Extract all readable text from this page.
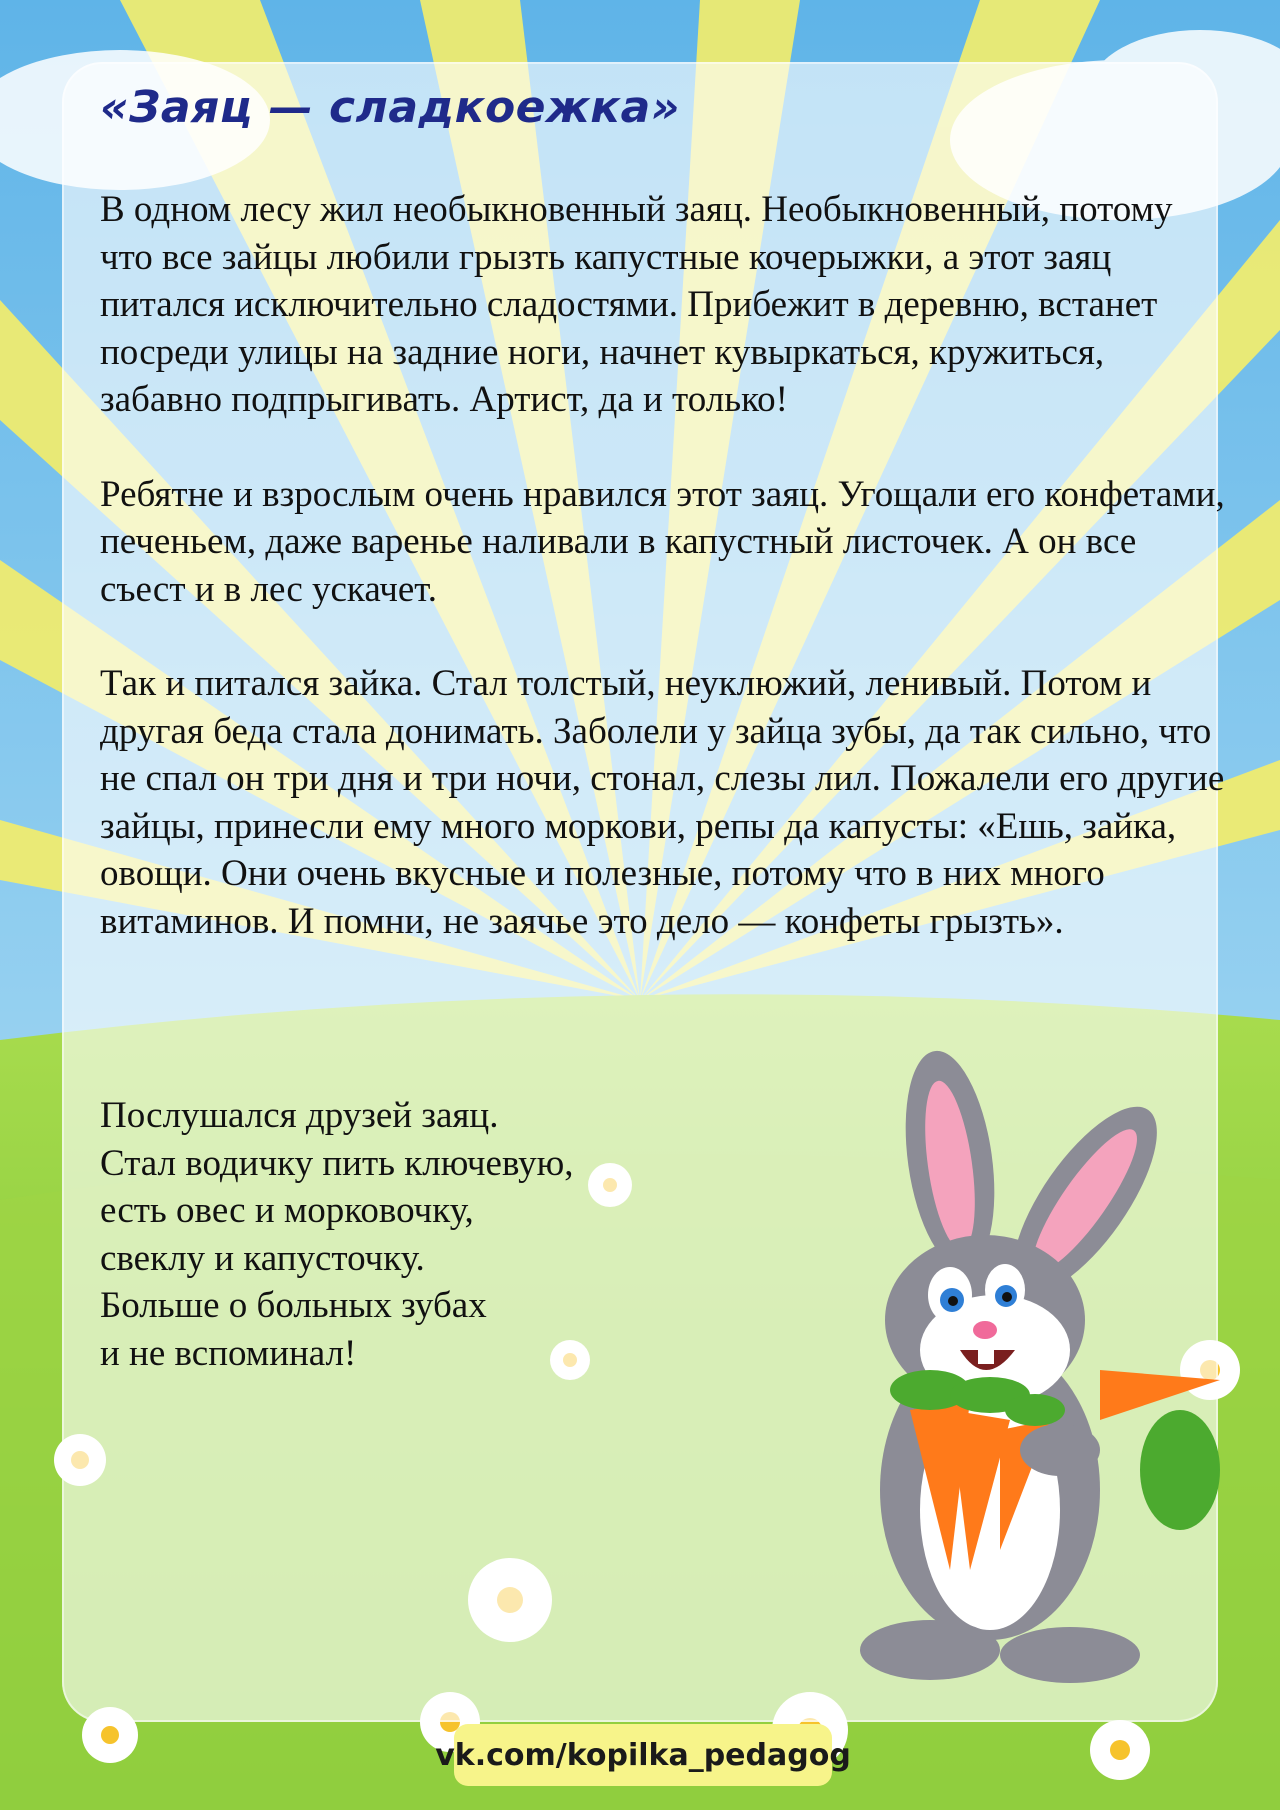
«Заяц — сладкоежка»

В одном лесу жил необыкновенный заяц. Необыкновенный, потому что все зайцы любили грызть капустные кочерыжки, а этот заяц питался исключительно сладостями. Прибежит в деревню, встанет посреди улицы на задние ноги, начнет кувыркаться, кружиться, забавно подпрыгивать. Артист, да и только!

Ребятне и взрослым очень нравился этот заяц. Угощали его конфетами, печеньем, даже варенье наливали в капустный листочек. А он все съест и в лес ускачет.

Так и питался зайка. Стал толстый, неуклюжий, ленивый. Потом и другая беда стала донимать. Заболели у зайца зубы, да так сильно, что не спал он три дня и три ночи, стонал, слезы лил. Пожалели его другие зайцы, принесли ему много моркови, репы да капусты: «Ешь, зайка, овощи. Они очень вкусные и полезные, потому что в них много витаминов. И помни, не заячье это дело — конфеты грызть».

Послушался друзей заяц.
Стал водичку пить ключевую,
есть овес и морковочку,
свеклу и капусточку.
Больше о больных зубах
и не вспоминал!
vk.com/kopilka_pedagog
